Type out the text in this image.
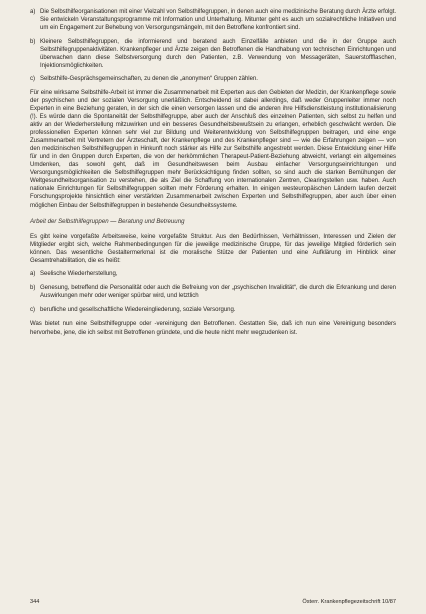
a) Die Selbsthilfeorganisationen mit einer Vielzahl von Selbsthilfegruppen, in denen auch eine medizinische Beratung durch Ärzte erfolgt. Sie entwickeln Veranstaltungsprogramme mit Information und Unterhaltung. Mitunter geht es auch um sozialrechtliche Initiativen und um ein Engagement zur Behebung von Versorgungsmängeln, mit den Betroffene konfrontiert sind.
b) Kleinere Selbsthilfegruppen, die informierend und beratend auch Einzelfälle anbieten und die in der Gruppe auch Selbsthilfegruppenaktivitäten. Krankenpfleger und Ärzte zeigen den Betroffenen die Handhabung von technischen Einrichtungen und überwachen dann diese Selbstversorgung durch den Patienten, z.B. Verwendung von Messageräten, Sauerstoffflaschen, Injektionsmöglichkeiten.
c) Selbsthilfe-Gesprächsgemeinschaften, zu denen die „anonymen“ Gruppen zählen.

Für eine wirksame Selbsthilfe-Arbeit ist immer die Zusammenarbeit mit Experten aus den Gebieten der Medizin, der Krankenpflege sowie der psychischen und der sozialen Versorgung unerläßlich. Entscheidend ist dabei allerdings, daß weder Gruppenleiter immer noch Experten in eine Beziehung geraten, in der sich die einen versorgen lassen und die anderen ihre Hilfsdienstleistung institutionalisierung (!). Es würde dann die Spontaneität der Selbsthilfegruppe, aber auch der Anschluß des einzelnen Patienten, sich selbst zu helfen und aktiv an der Wiederherstellung mitzuwirken und ein besseres Gesundheitsbewußtsein zu erlangen, erheblich geschwächt werden. Die professionellen Experten können sehr viel zur Bildung und Weiterentwicklung von Selbsthilfegruppen beitragen, und eine enge Zusammenarbeit mit Vertretern der Ärzteschaft, der Krankenpflege und des Krankenpfleger sind — wie die Erfahrungen zeigen — von den medizinischen Selbsthilfegruppen in Hinkunft noch stärker als Hilfe zur Selbsthilfe angestrebt werden. Diese Entwicklung einer Hilfe für und in den Gruppen durch Experten, die von der herkömmlichen Therapeut-Patient-Beziehung abweicht, verlangt ein allgemeines Umdenken, das sowohl geht, daß im Gesundheitswesen beim Ausbau einfacher Versorgungseinrichtungen und Versorgungsmöglichkeiten die Selbsthilfegruppen mehr Berücksichtigung finden sollten, so sind auch die starken Bemühungen der Weltgesundheitsorganisation zu verstehen, die als Ziel die Schaffung von internationalen Zentren, Clearingstellen usw. haben. Auch nationale Einrichtungen für Selbsthilfegruppen sollten mehr Förderung erhalten. In einigen westeuropäischen Ländern laufen derzeit Forschungsprojekte hinsichtlich einer verstärkten Zusammenarbeit zwischen Experten und Selbsthilfegruppen, aber auch über einen möglichen Einbau der Selbsthilfegruppen in bestehende Gesundheitssysteme.

Arbeit der Selbsthilfegruppen — Beratung und Betreuung

Es gibt keine vorgefaßte Arbeitsweise, keine vorgefaßte Struktur. Aus den Bedürfnissen, Verhältnissen, Interessen und Zielen der Mitglieder ergibt sich, welche Rahmenbedingungen für die jeweilige medizinische Gruppe, für das jeweilige Mitglied förderlich sein können. Das wesentliche Gestaltermerkmal ist die moralische Stütze der Patienten und eine Aufklärung im Hinblick einer Gesamtrehabilitation, die es heißt:

a) Seelische Wiederherstellung,
b) Genesung, betreffend die Personalität oder auch die Befreiung von der „psychischen Invalidität“, die durch die Erkrankung und deren Auswirkungen mehr oder weniger spürbar wird, und letztlich
c) berufliche und gesellschaftliche Wiedereingliederung, soziale Versorgung.

Was bietet nun eine Selbsthilfegruppe oder -vereinigung den Betroffenen. Gestatten Sie, daß ich nun eine Vereinigung besonders hervorhebe, jene, die ich selbst mit Betroffenen gründete, und die heute nicht mehr wegzudenken ist.

344	Österr. Krankenpflegezeitschrift 10/87
